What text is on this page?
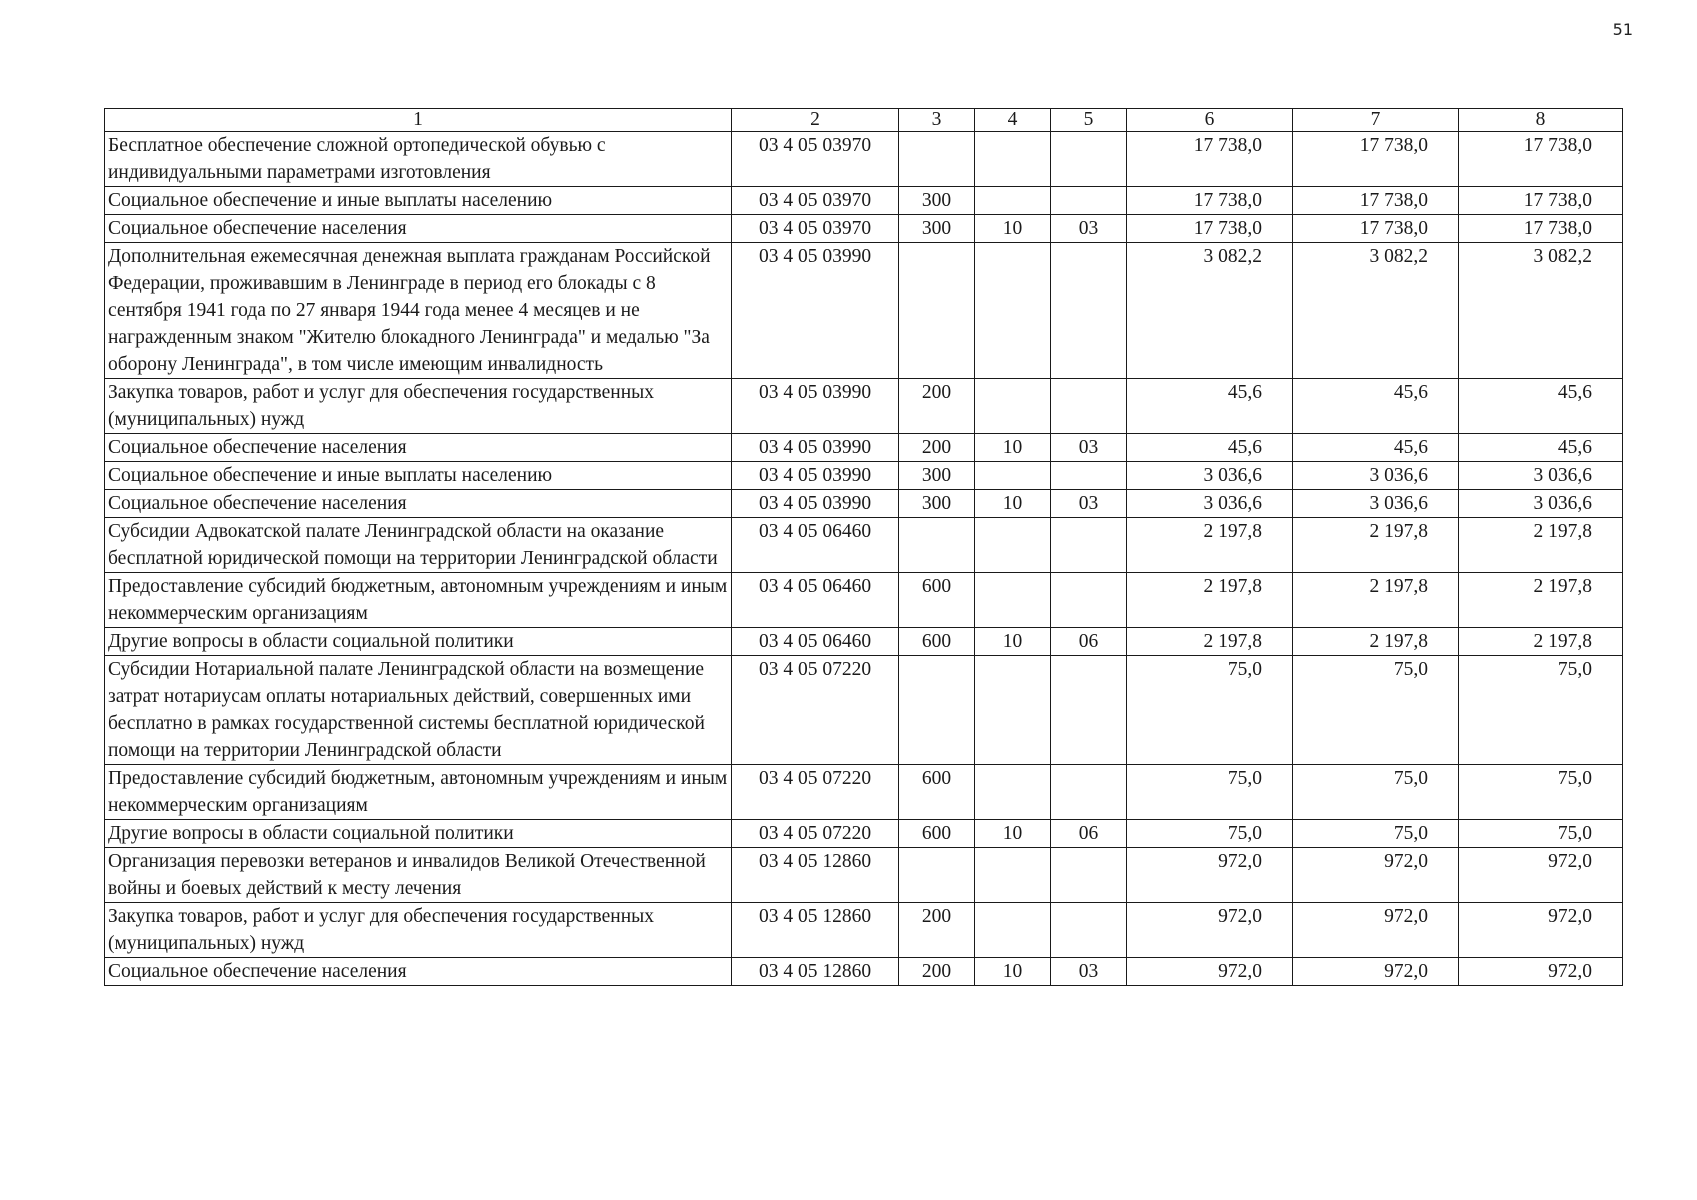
51
1	2	3	4	5	6	7	8
Бесплатное обеспечение сложной ортопедической обувью с индивидуальными параметрами изготовления	03 4 05 03970				17 738,0	17 738,0	17 738,0
Социальное обеспечение и иные выплаты населению	03 4 05 03970	300			17 738,0	17 738,0	17 738,0
Социальное обеспечение населения	03 4 05 03970	300	10	03	17 738,0	17 738,0	17 738,0
Дополнительная ежемесячная денежная выплата гражданам Российской Федерации, проживавшим в Ленинграде в период его блокады с 8 сентября 1941 года по 27 января 1944 года менее 4 месяцев и не награжденным знаком "Жителю блокадного Ленинграда" и медалью "За оборону Ленинграда", в том числе имеющим инвалидность	03 4 05 03990				3 082,2	3 082,2	3 082,2
Закупка товаров, работ и услуг для обеспечения государственных (муниципальных) нужд	03 4 05 03990	200			45,6	45,6	45,6
Социальное обеспечение населения	03 4 05 03990	200	10	03	45,6	45,6	45,6
Социальное обеспечение и иные выплаты населению	03 4 05 03990	300			3 036,6	3 036,6	3 036,6
Социальное обеспечение населения	03 4 05 03990	300	10	03	3 036,6	3 036,6	3 036,6
Субсидии Адвокатской палате Ленинградской области на оказание бесплатной юридической помощи на территории Ленинградской области	03 4 05 06460				2 197,8	2 197,8	2 197,8
Предоставление субсидий бюджетным, автономным учреждениям и иным некоммерческим организациям	03 4 05 06460	600			2 197,8	2 197,8	2 197,8
Другие вопросы в области социальной политики	03 4 05 06460	600	10	06	2 197,8	2 197,8	2 197,8
Субсидии Нотариальной палате Ленинградской области на возмещение затрат нотариусам оплаты нотариальных действий, совершенных ими бесплатно в рамках государственной системы бесплатной юридической помощи на территории Ленинградской области	03 4 05 07220				75,0	75,0	75,0
Предоставление субсидий бюджетным, автономным учреждениям и иным некоммерческим организациям	03 4 05 07220	600			75,0	75,0	75,0
Другие вопросы в области социальной политики	03 4 05 07220	600	10	06	75,0	75,0	75,0
Организация перевозки ветеранов и инвалидов Великой Отечественной войны и боевых действий к месту лечения	03 4 05 12860				972,0	972,0	972,0
Закупка товаров, работ и услуг для обеспечения государственных (муниципальных) нужд	03 4 05 12860	200			972,0	972,0	972,0
Социальное обеспечение населения	03 4 05 12860	200	10	03	972,0	972,0	972,0
